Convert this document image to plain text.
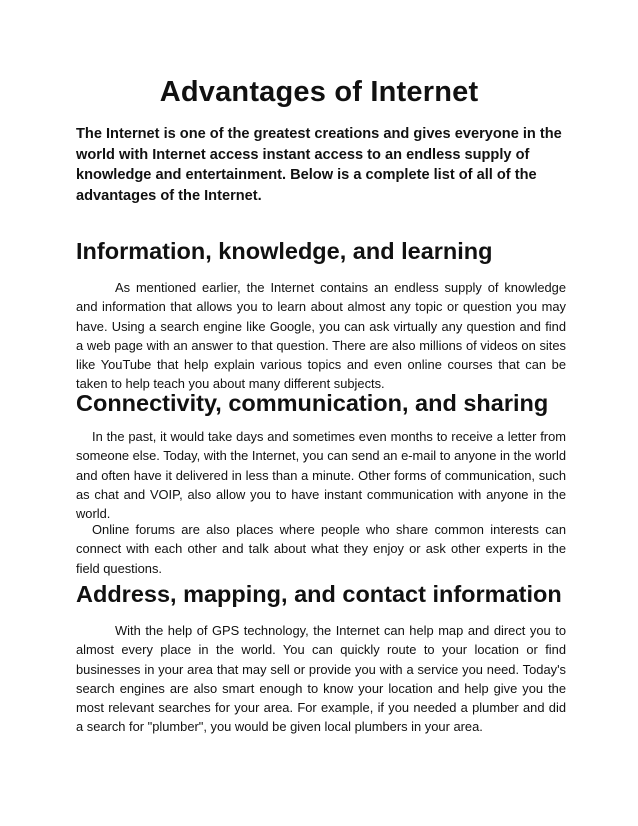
Advantages of Internet

The Internet is one of the greatest creations and gives everyone in the world with Internet access instant access to an endless supply of knowledge and entertainment. Below is a complete list of all of the advantages of the Internet.

Information, knowledge, and learning

As mentioned earlier, the Internet contains an endless supply of knowledge and information that allows you to learn about almost any topic or question you may have. Using a search engine like Google, you can ask virtually any question and find a web page with an answer to that question. There are also millions of videos on sites like YouTube that help explain various topics and even online courses that can be taken to help teach you about many different subjects.

Connectivity, communication, and sharing

In the past, it would take days and sometimes even months to receive a letter from someone else. Today, with the Internet, you can send an e-mail to anyone in the world and often have it delivered in less than a minute. Other forms of communication, such as chat and VOIP, also allow you to have instant communication with anyone in the world.

Online forums are also places where people who share common interests can connect with each other and talk about what they enjoy or ask other experts in the field questions.

Address, mapping, and contact information

With the help of GPS technology, the Internet can help map and direct you to almost every place in the world. You can quickly route to your location or find businesses in your area that may sell or provide you with a service you need. Today's search engines are also smart enough to know your location and help give you the most relevant searches for your area. For example, if you needed a plumber and did a search for "plumber", you would be given local plumbers in your area.
